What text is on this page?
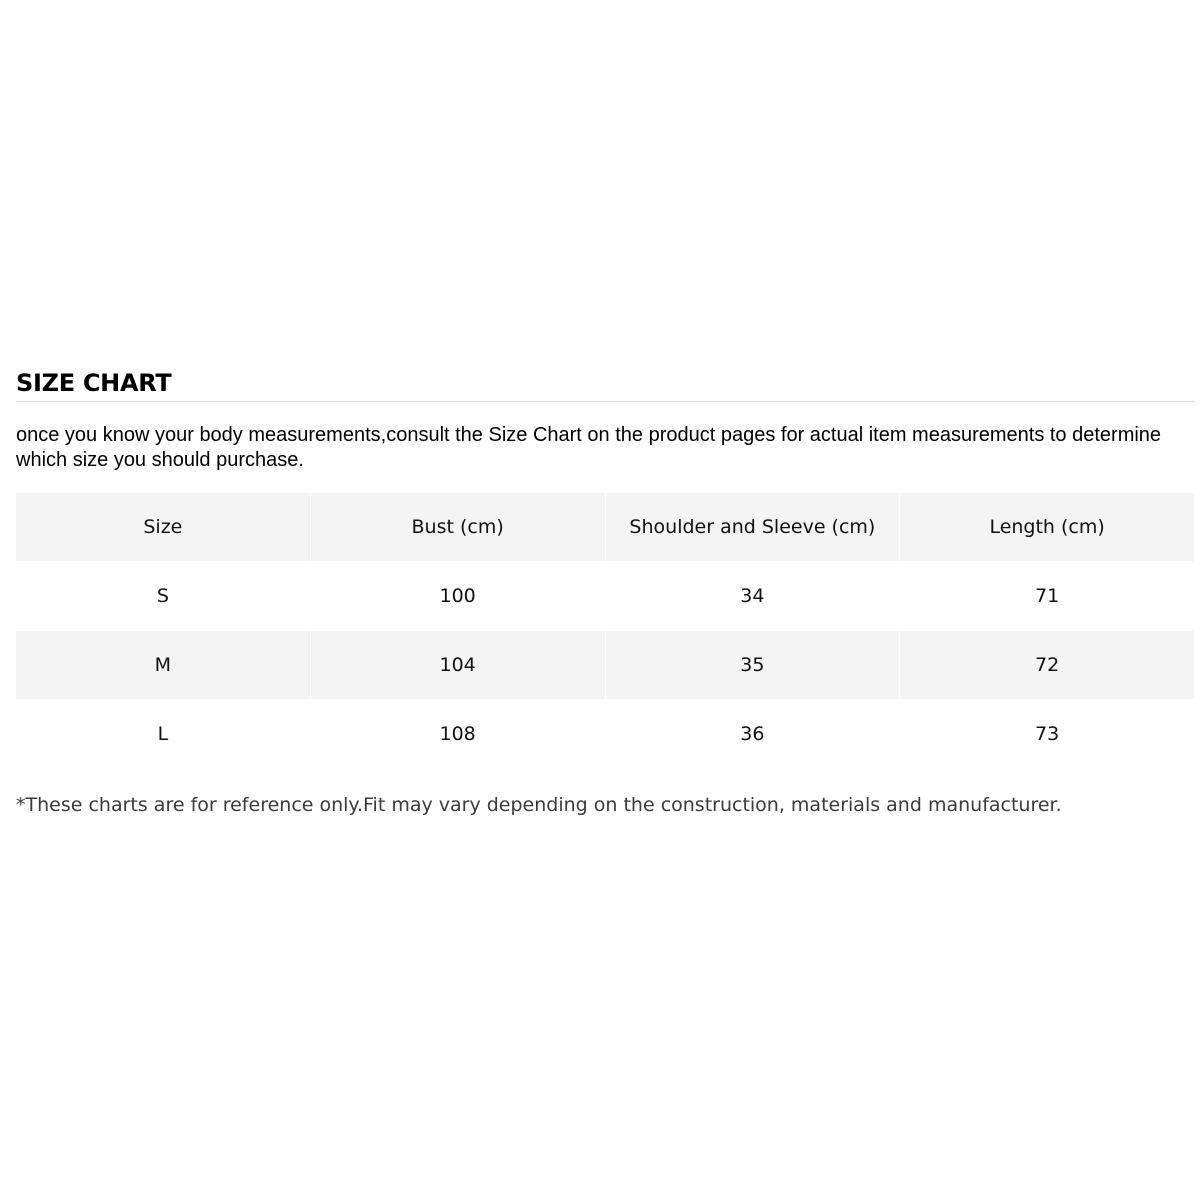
SIZE CHART

once you know your body measurements,consult the Size Chart on the product pages for actual item measurements to determine which size you should purchase.

Size	Bust (cm)	Shoulder and Sleeve (cm)	Length (cm)
S	100	34	71
M	104	35	72
L	108	36	73

*These charts are for reference only.Fit may vary depending on the construction, materials and manufacturer.
